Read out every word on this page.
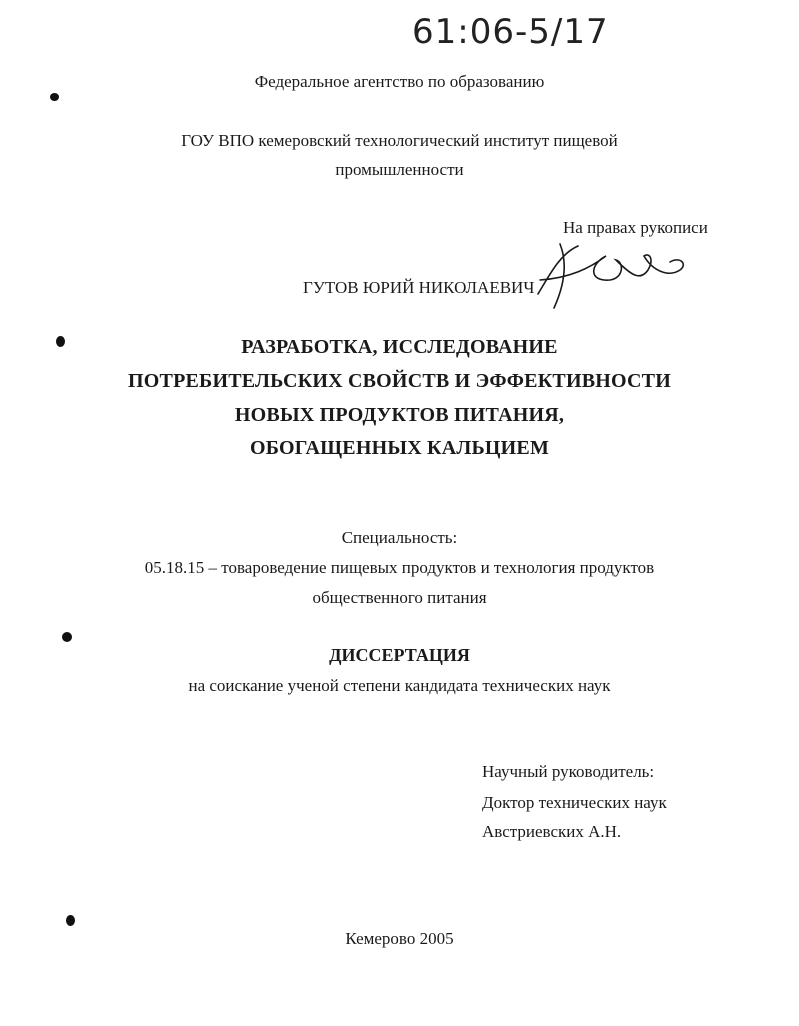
61:06-5/17
Федеральное агентство по образованию
ГОУ ВПО кемеровский технологический институт пищевой
промышленности
На правах рукописи
ГУТОВ ЮРИЙ НИКОЛАЕВИЧ
РАЗРАБОТКА, ИССЛЕДОВАНИЕ
ПОТРЕБИТЕЛЬСКИХ СВОЙСТВ И ЭФФЕКТИВНОСТИ
НОВЫХ ПРОДУКТОВ ПИТАНИЯ,
ОБОГАЩЕННЫХ КАЛЬЦИЕМ
Специальность:
05.18.15 – товароведение пищевых продуктов и технология продуктов
общественного питания
ДИССЕРТАЦИЯ
на соискание ученой степени кандидата технических наук
Научный руководитель:
Доктор технических наук
Австриевских А.Н.
Кемерово 2005
